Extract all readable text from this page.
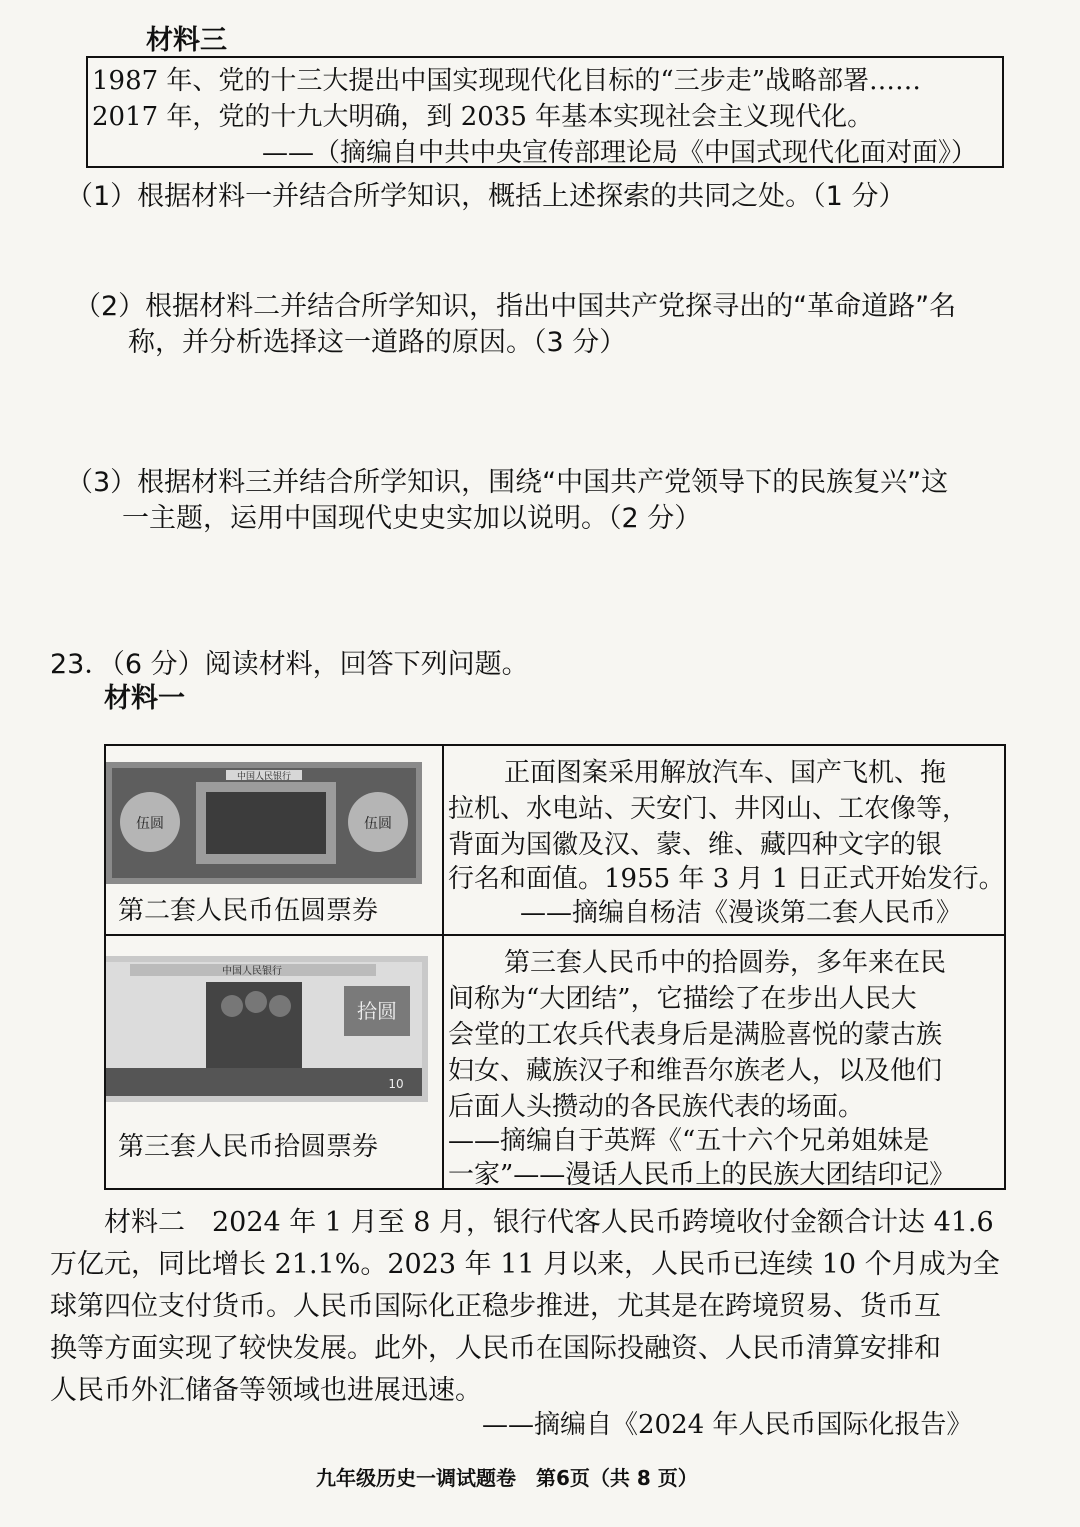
材料三
1987 年、党的十三大提出中国实现现代化目标的“三步走”战略部署……
2017 年，党的十九大明确，到 2035 年基本实现社会主义现代化。
——（摘编自中共中央宣传部理论局《中国式现代化面对面》）
（1）根据材料一并结合所学知识，概括上述探索的共同之处。（1 分）
（2）根据材料二并结合所学知识，指出中国共产党探寻出的“革命道路”名
称，并分析选择这一道路的原因。（3 分）
（3）根据材料三并结合所学知识，围绕“中国共产党领导下的民族复兴”这
一主题，运用中国现代史史实加以说明。（2 分）
23．（6 分）阅读材料，回答下列问题。
材料一
中国人民银行
伍圆	伍圆
第二套人民币伍圆票券
正面图案采用解放汽车、国产飞机、拖
拉机、水电站、天安门、井冈山、工农像等，
背面为国徽及汉、蒙、维、藏四种文字的银
行名和面值。1955 年 3 月 1 日正式开始发行。
——摘编自杨洁《漫谈第二套人民币》
中国人民银行
拾圆
10
第三套人民币拾圆票券
第三套人民币中的拾圆券，多年来在民
间称为“大团结”，它描绘了在步出人民大
会堂的工农兵代表身后是满脸喜悦的蒙古族
妇女、藏族汉子和维吾尔族老人，以及他们
后面人头攒动的各民族代表的场面。
——摘编自于英辉《“五十六个兄弟姐妹是
一家”——漫话人民币上的民族大团结印记》
材料二　2024 年 1 月至 8 月，银行代客人民币跨境收付金额合计达 41.6
万亿元，同比增长 21.1%。2023 年 11 月以来，人民币已连续 10 个月成为全
球第四位支付货币。人民币国际化正稳步推进，尤其是在跨境贸易、货币互
换等方面实现了较快发展。此外，人民币在国际投融资、人民币清算安排和
人民币外汇储备等领域也进展迅速。
——摘编自《2024 年人民币国际化报告》
九年级历史一调试题卷　第6页（共 8 页）
